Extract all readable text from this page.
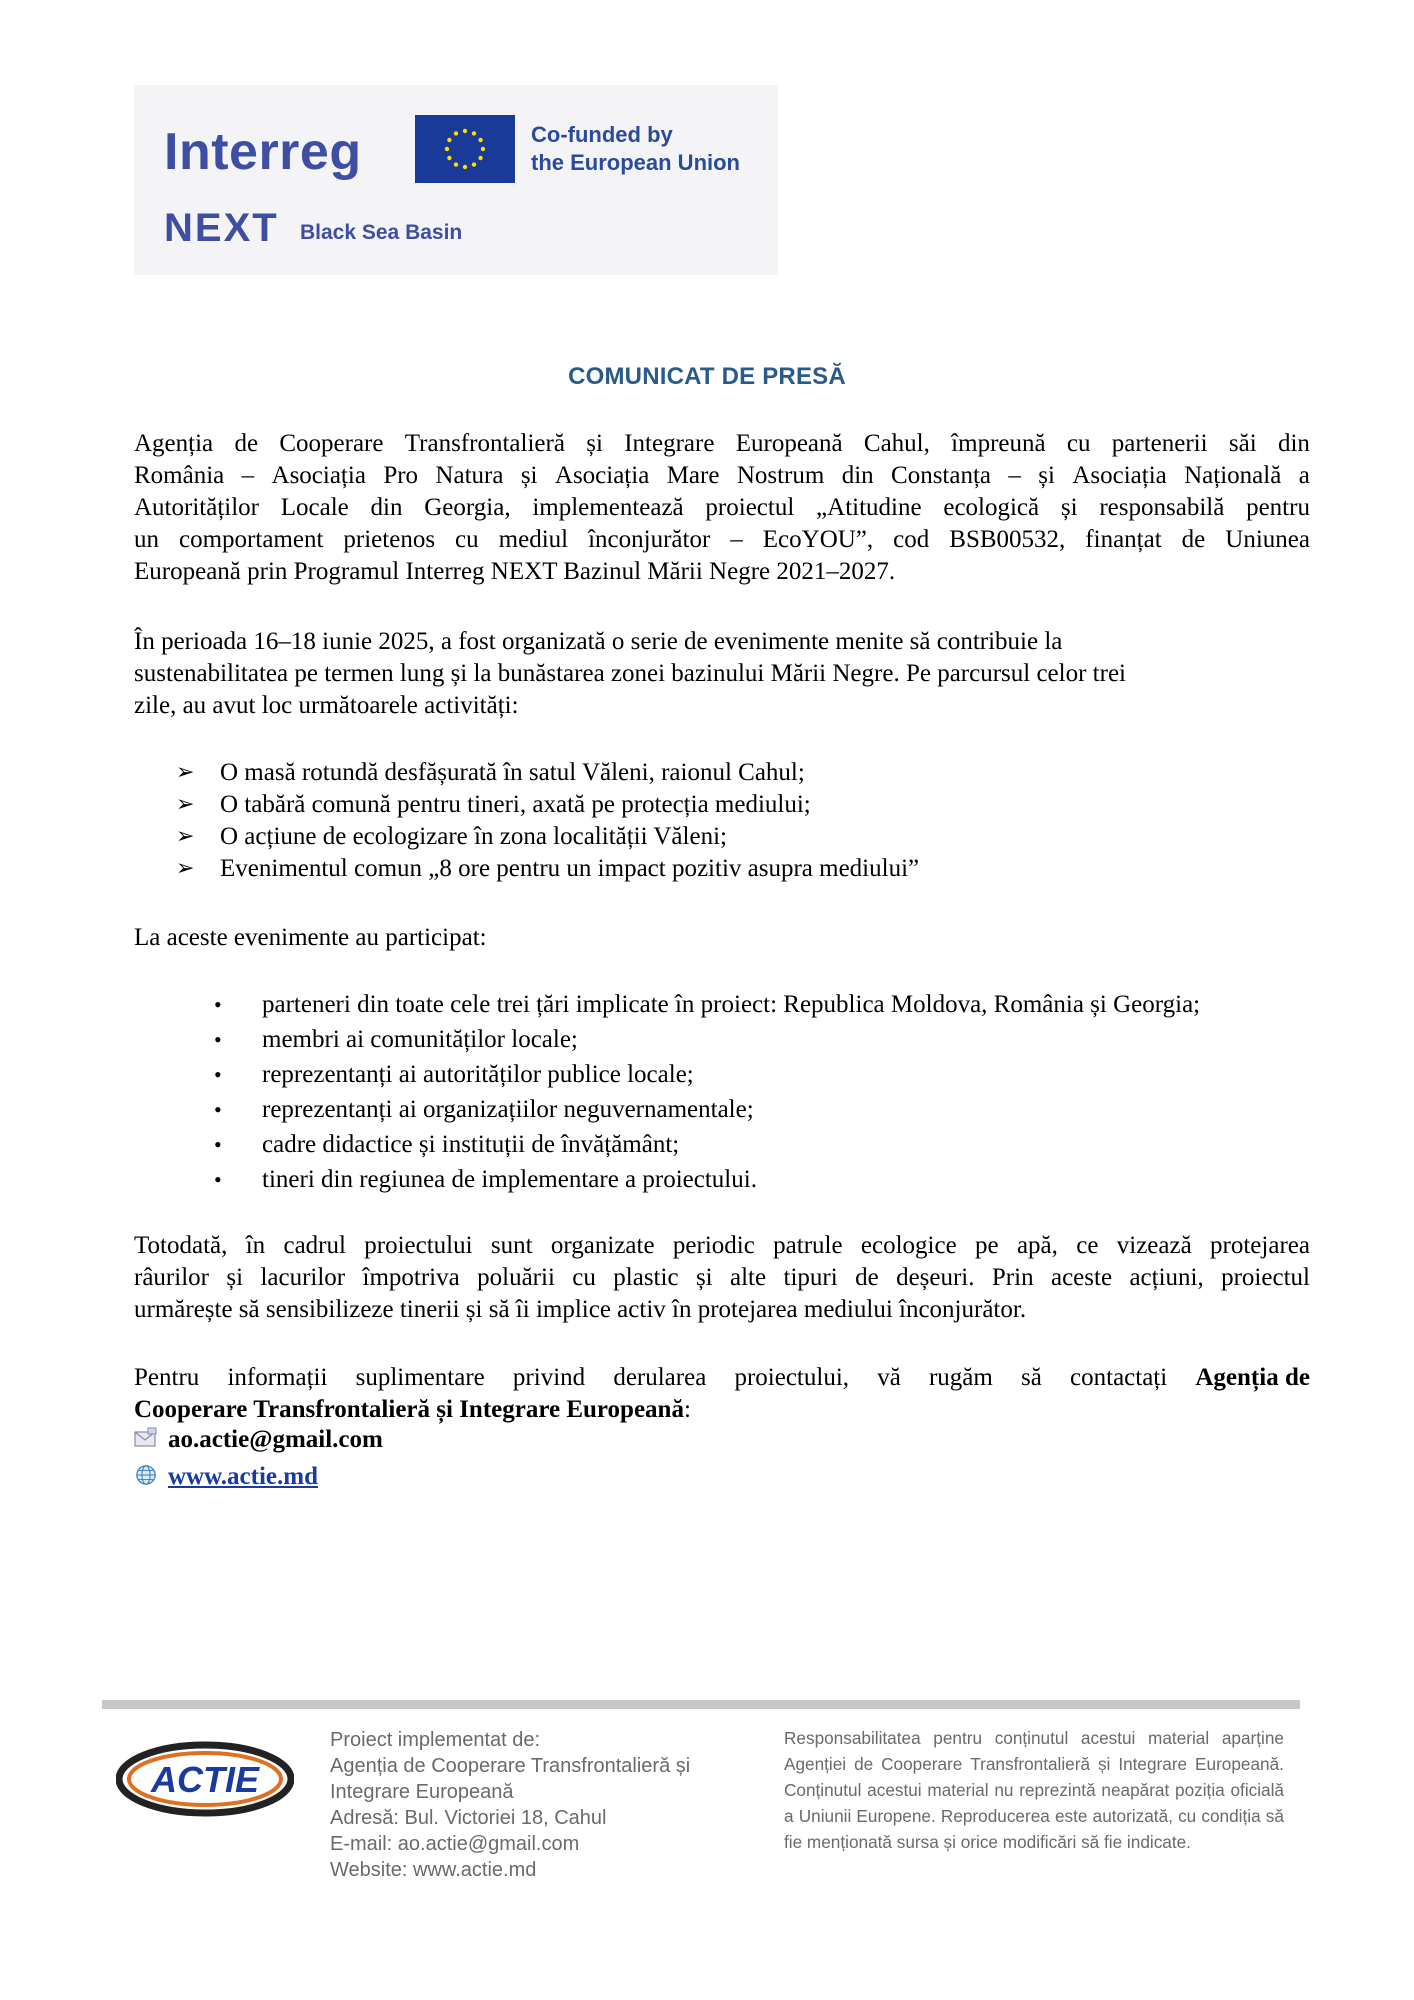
Interreg	Co-funded by
the European Union
NEXT Black Sea Basin
COMUNICAT DE PRESĂ
Agenția de Cooperare Transfrontalieră și Integrare Europeană Cahul, împreună cu partenerii săi din
România – Asociația Pro Natura și Asociația Mare Nostrum din Constanța – și Asociația Națională a
Autorităților Locale din Georgia, implementează proiectul „Atitudine ecologică și responsabilă pentru
un comportament prietenos cu mediul înconjurător – EcoYOU”, cod BSB00532, finanțat de Uniunea
Europeană prin Programul Interreg NEXT Bazinul Mării Negre 2021–2027.
În perioada 16–18 iunie 2025, a fost organizată o serie de evenimente menite să contribuie la
sustenabilitatea pe termen lung și la bunăstarea zonei bazinului Mării Negre. Pe parcursul celor trei
zile, au avut loc următoarele activități:
➢ O masă rotundă desfășurată în satul Văleni, raionul Cahul;
➢ O tabără comună pentru tineri, axată pe protecția mediului;
➢ O acțiune de ecologizare în zona localității Văleni;
➢ Evenimentul comun „8 ore pentru un impact pozitiv asupra mediului”
La aceste evenimente au participat:
• parteneri din toate cele trei țări implicate în proiect: Republica Moldova, România și Georgia;
• membri ai comunităților locale;
• reprezentanți ai autorităților publice locale;
• reprezentanți ai organizațiilor neguvernamentale;
• cadre didactice și instituții de învățământ;
• tineri din regiunea de implementare a proiectului.
Totodată, în cadrul proiectului sunt organizate periodic patrule ecologice pe apă, ce vizează protejarea
râurilor și lacurilor împotriva poluării cu plastic și alte tipuri de deșeuri. Prin aceste acțiuni, proiectul
urmărește să sensibilizeze tinerii și să îi implice activ în protejarea mediului înconjurător.
Pentru informații suplimentare privind derularea proiectului, vă rugăm să contactați Agenția de
Cooperare Transfrontalieră și Integrare Europeană:
ao.actie@gmail.com
www.actie.md
ACTIE
Proiect implementat de:
Agenția de Cooperare Transfrontalieră și
Integrare Europeană
Adresă: Bul. Victoriei 18, Cahul
E-mail: ao.actie@gmail.com
Website: www.actie.md
Responsabilitatea pentru conținutul acestui material aparține
Agenției de Cooperare Transfrontalieră și Integrare Europeană.
Conținutul acestui material nu reprezintă neapărat poziția oficială
a Uniunii Europene. Reproducerea este autorizată, cu condiția să
fie menționată sursa și orice modificări să fie indicate.
